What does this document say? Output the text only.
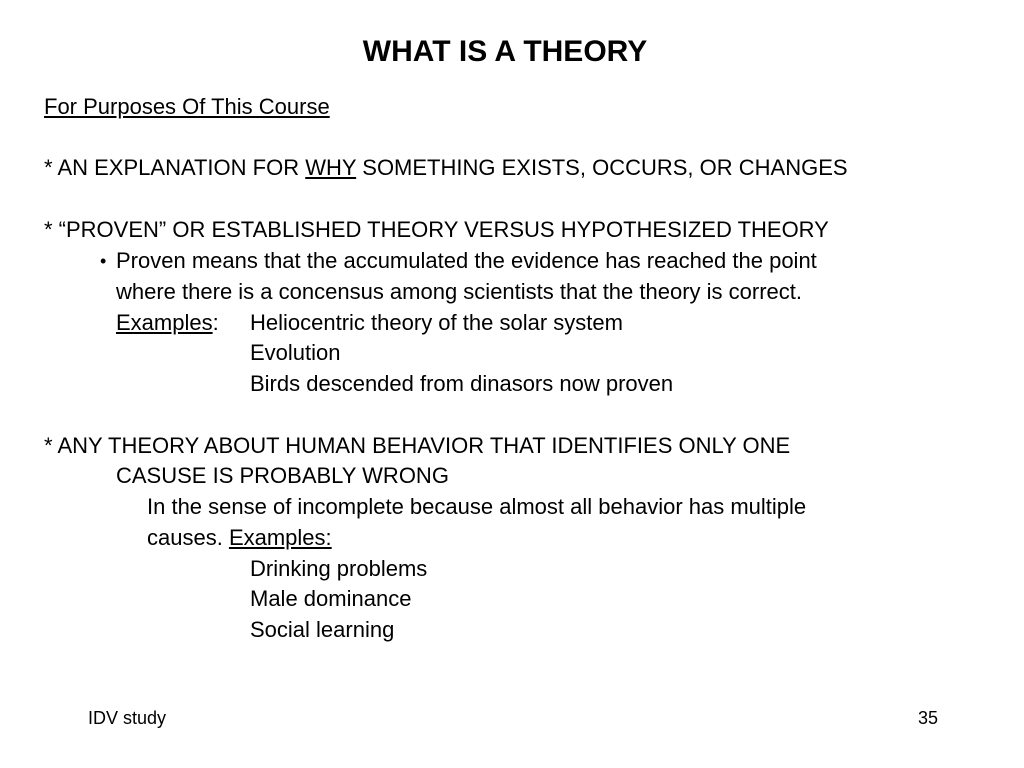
WHAT IS A THEORY
For Purposes Of This Course
* AN EXPLANATION FOR WHY SOMETHING EXISTS, OCCURS, OR CHANGES
* “PROVEN” OR ESTABLISHED THEORY VERSUS HYPOTHESIZED THEORY
• Proven means that the accumulated the evidence has reached the point
where there is a concensus among scientists that the theory is correct.
Examples: Heliocentric theory of the solar system
Evolution
Birds descended from dinasors now proven
* ANY THEORY ABOUT HUMAN BEHAVIOR THAT IDENTIFIES ONLY ONE
CASUSE IS PROBABLY WRONG
In the sense of incomplete because almost all behavior has multiple
causes. Examples:
Drinking problems
Male dominance
Social learning
IDV study	35
